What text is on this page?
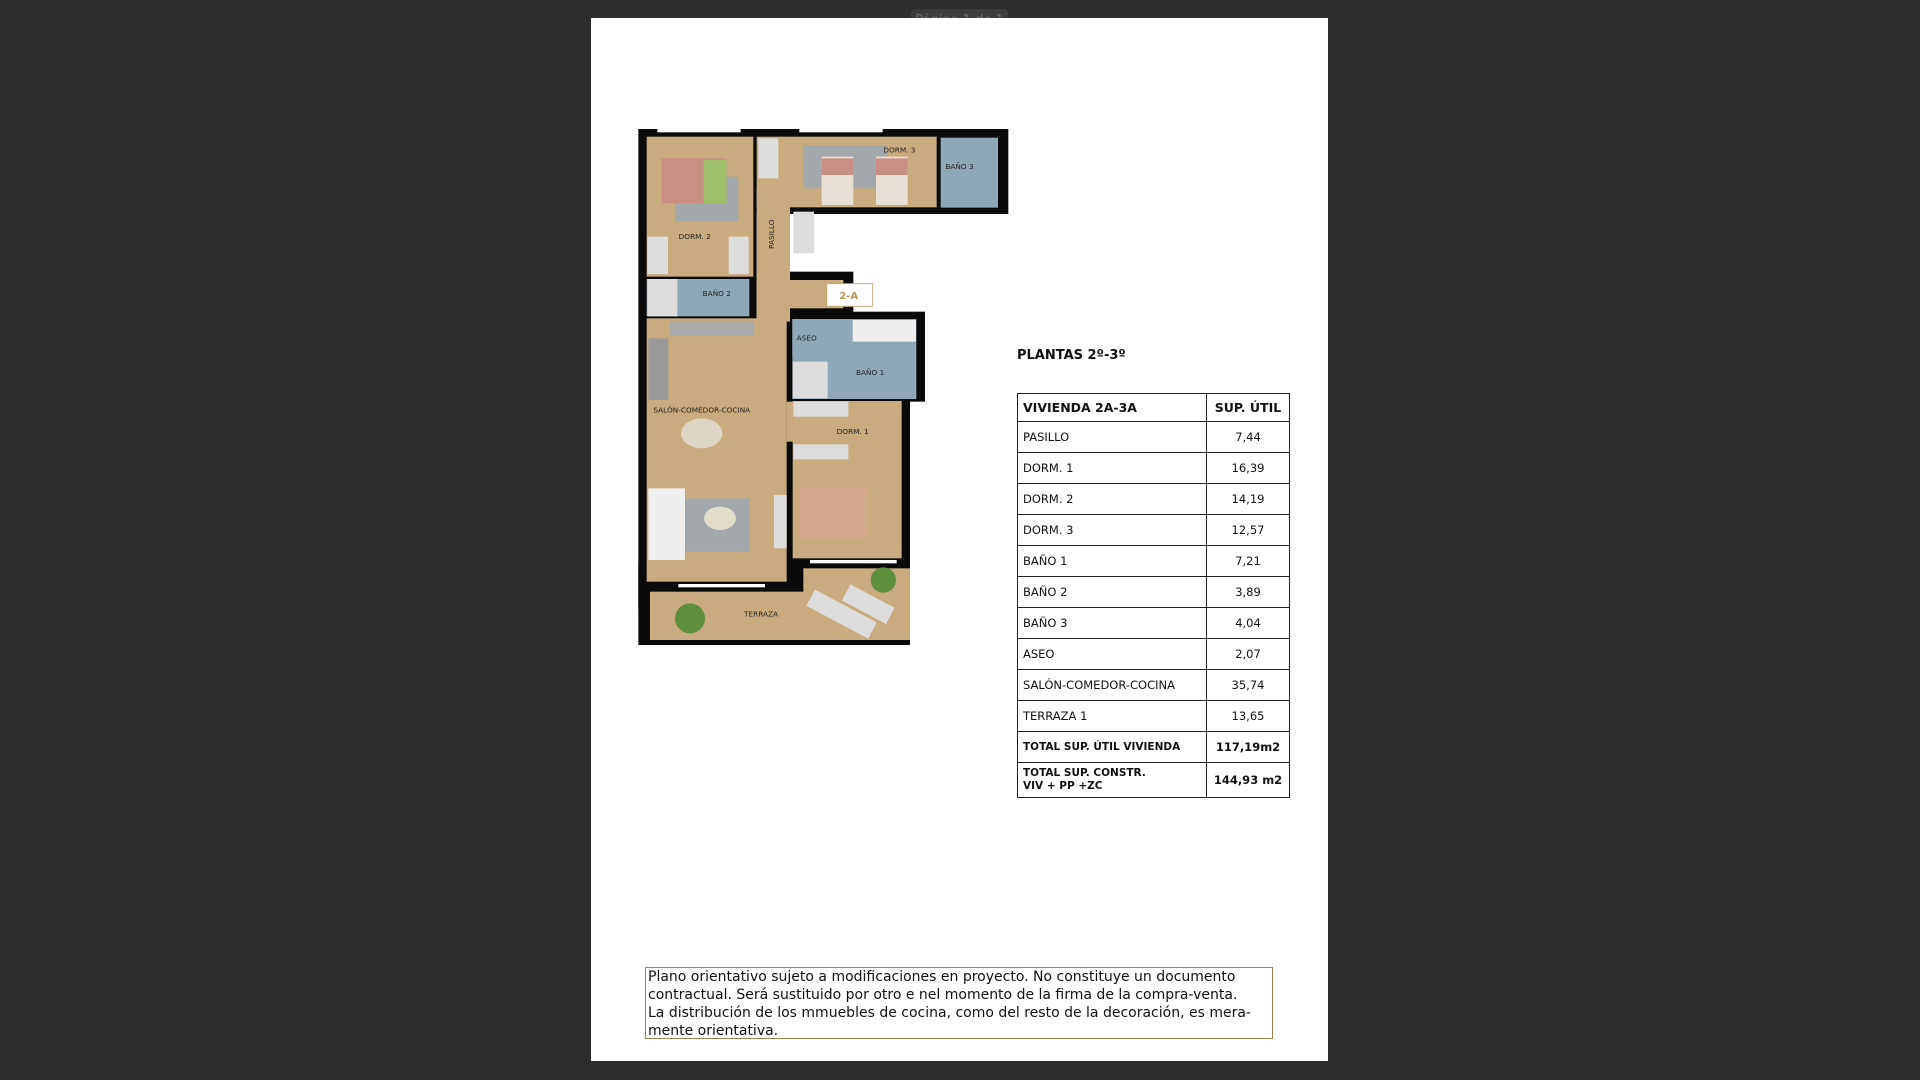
Página 1 de 1
2-A
DORM. 3
BAÑO 3
PASILLO
DORM. 2
BAÑO 2
ASEO
BAÑO 1
SALÓN-COMEDOR-COCINA
DORM. 1
TERRAZA
PLANTAS 2º-3º
VIVIENDA 2A-3A	SUP. ÚTIL
PASILLO	7,44
DORM. 1	16,39
DORM. 2	14,19
DORM. 3	12,57
BAÑO 1	7,21
BAÑO 2	3,89
BAÑO 3	4,04
ASEO	2,07
SALÓN-COMEDOR-COCINA	35,74
TERRAZA 1	13,65
TOTAL SUP. ÚTIL VIVIENDA	117,19m2

TOTAL SUP. CONSTR.
VIV + PP +ZC	144,93 m2
Plano orientativo sujeto a modificaciones en proyecto. No constituye un documento
contractual. Será sustituido por otro e nel momento de la firma de la compra-venta.
La distribución de los mmuebles de cocina, como del resto de la decoración, es mera-
mente orientativa.
